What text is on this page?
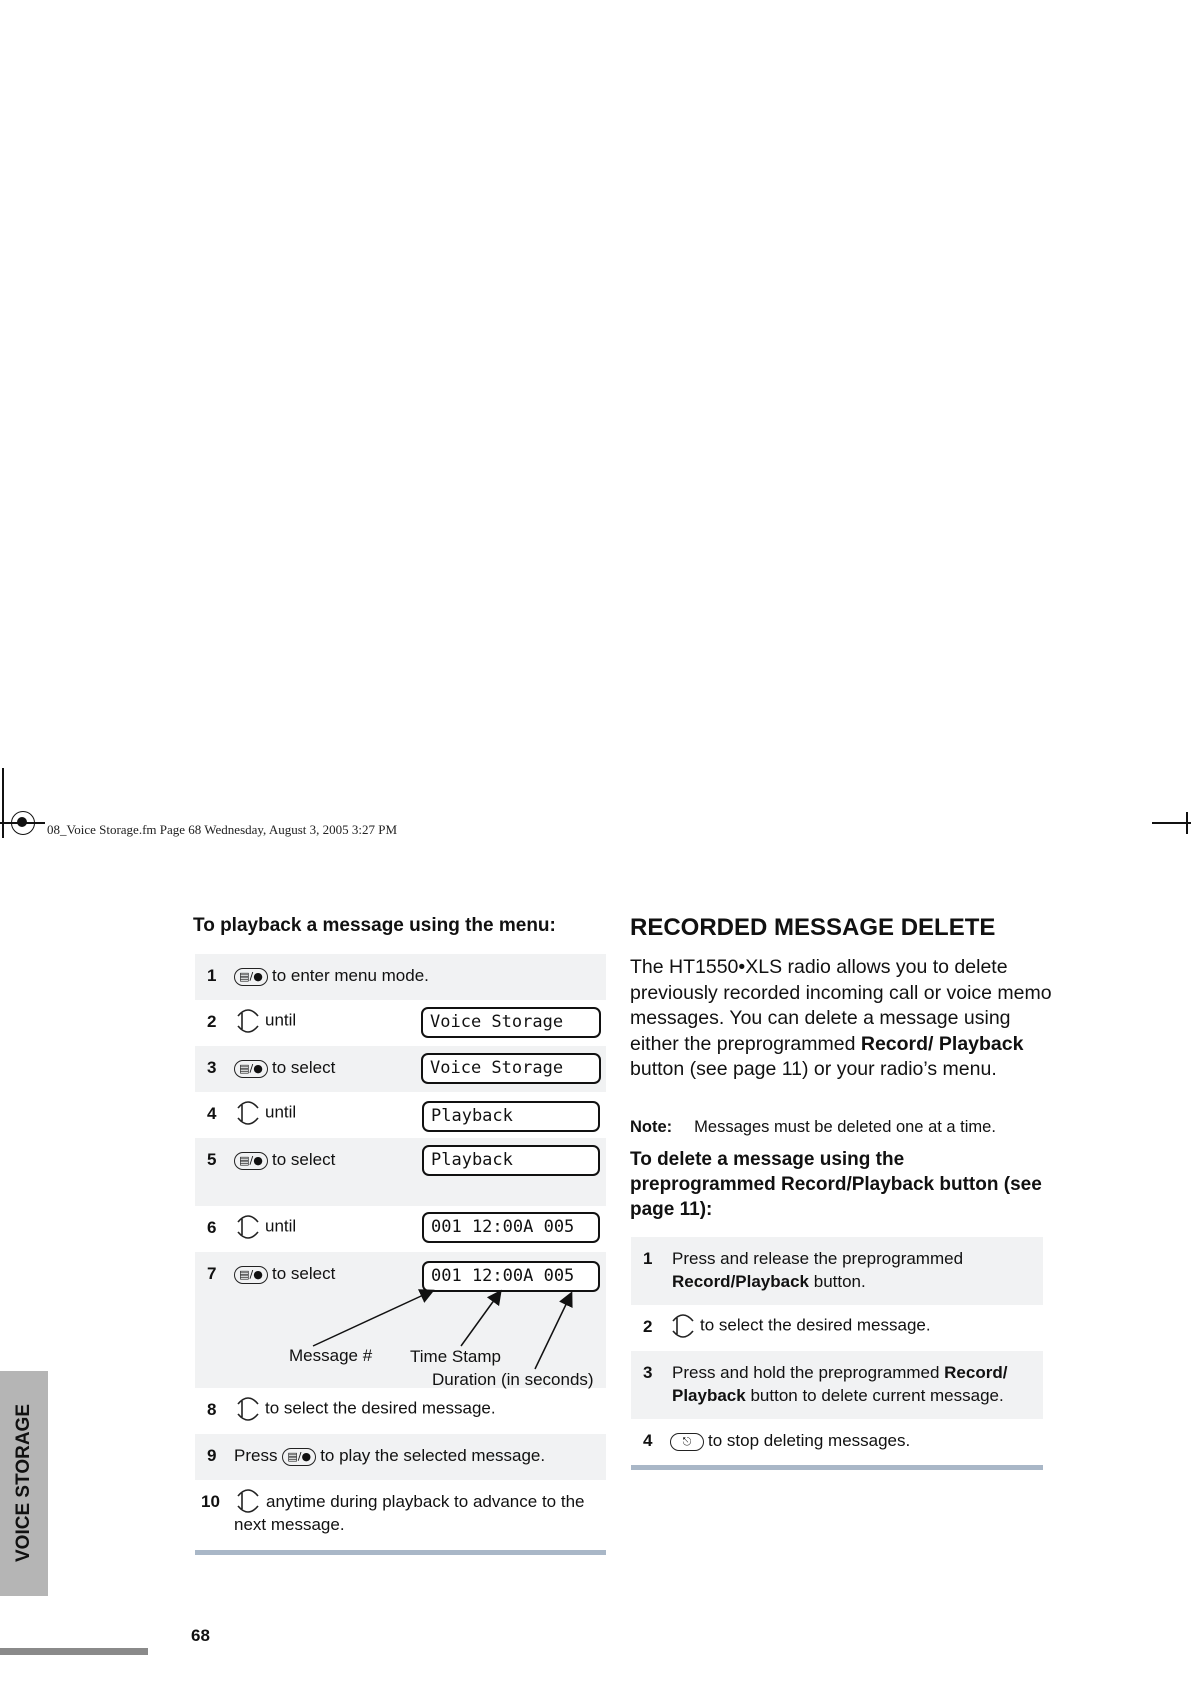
08_Voice Storage.fm Page 68 Wednesday, August 3, 2005 3:27 PM
VOICE STORAGE
68
To playback a message using the menu:
1	▤/● to enter menu mode.
2	until	Voice Storage
3	▤/● to select	Voice Storage
4	until	Playback
5	▤/● to select	Playback
6	until	001 12:00A 005
7	▤/● to select	001 12:00A 005
Message # Time Stamp
Duration (in seconds)
8	to select the desired message.
9 Press ▤/● to play the selected message.
10	anytime during playback to advance to the next message.
RECORDED MESSAGE DELETE
The HT1550•XLS radio allows you to delete previously recorded incoming call or voice memo messages. You can delete a message using either the preprogrammed Record/ Playback button (see page 11) or your radio’s menu.
Note: Messages must be deleted one at a time.
To delete a message using the preprogrammed Record/Playback button (see page 11):
1 Press and release the preprogrammed Record/Playback button.
2	to select the desired message.
3 Press and hold the preprogrammed Record/ Playback button to delete current message.
4	⎋ to stop deleting messages.
